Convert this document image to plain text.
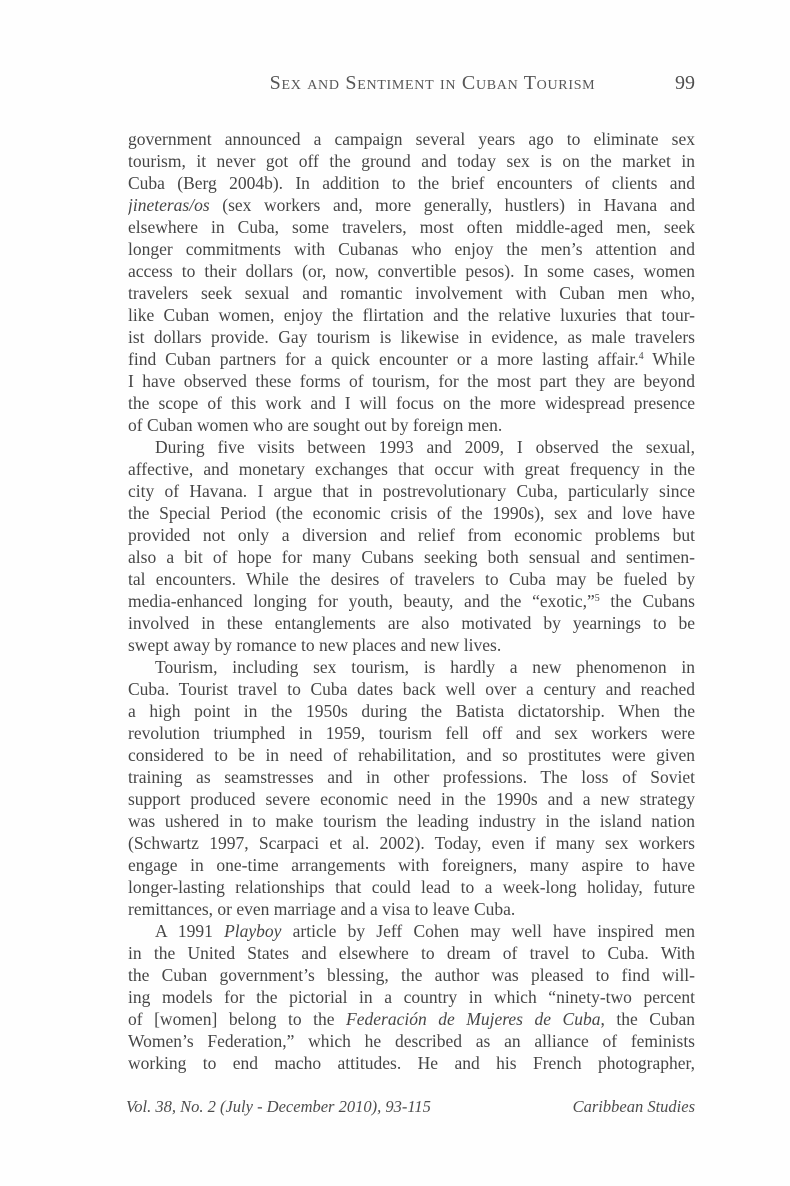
Sex and Sentiment in Cuban Tourism	99
government announced a campaign several years ago to eliminate sex
tourism, it never got off the ground and today sex is on the market in
Cuba (Berg 2004b). In addition to the brief encounters of clients and
jineteras/os (sex workers and, more generally, hustlers) in Havana and
elsewhere in Cuba, some travelers, most often middle-aged men, seek
longer commitments with Cubanas who enjoy the men’s attention and
access to their dollars (or, now, convertible pesos). In some cases, women
travelers seek sexual and romantic involvement with Cuban men who,
like Cuban women, enjoy the flirtation and the relative luxuries that tour-
ist dollars provide. Gay tourism is likewise in evidence, as male travelers
find Cuban partners for a quick encounter or a more lasting affair.$^4$ While
I have observed these forms of tourism, for the most part they are beyond
the scope of this work and I will focus on the more widespread presence
of Cuban women who are sought out by foreign men.
During five visits between 1993 and 2009, I observed the sexual,
affective, and monetary exchanges that occur with great frequency in the
city of Havana. I argue that in postrevolutionary Cuba, particularly since
the Special Period (the economic crisis of the 1990s), sex and love have
provided not only a diversion and relief from economic problems but
also a bit of hope for many Cubans seeking both sensual and sentimen-
tal encounters. While the desires of travelers to Cuba may be fueled by
media-enhanced longing for youth, beauty, and the “exotic,”$^5$ the Cubans
involved in these entanglements are also motivated by yearnings to be
swept away by romance to new places and new lives.
Tourism, including sex tourism, is hardly a new phenomenon in
Cuba. Tourist travel to Cuba dates back well over a century and reached
a high point in the 1950s during the Batista dictatorship. When the
revolution triumphed in 1959, tourism fell off and sex workers were
considered to be in need of rehabilitation, and so prostitutes were given
training as seamstresses and in other professions. The loss of Soviet
support produced severe economic need in the 1990s and a new strategy
was ushered in to make tourism the leading industry in the island nation
(Schwartz 1997, Scarpaci et al. 2002). Today, even if many sex workers
engage in one-time arrangements with foreigners, many aspire to have
longer-lasting relationships that could lead to a week-long holiday, future
remittances, or even marriage and a visa to leave Cuba.
A 1991 Playboy article by Jeff Cohen may well have inspired men
in the United States and elsewhere to dream of travel to Cuba. With
the Cuban government’s blessing, the author was pleased to find will-
ing models for the pictorial in a country in which “ninety-two percent
of [women] belong to the Federación de Mujeres de Cuba, the Cuban
Women’s Federation,” which he described as an alliance of feminists
working to end macho attitudes. He and his French photographer,
Vol. 38, No. 2 (July - December 2010), 93-115	Caribbean Studies
